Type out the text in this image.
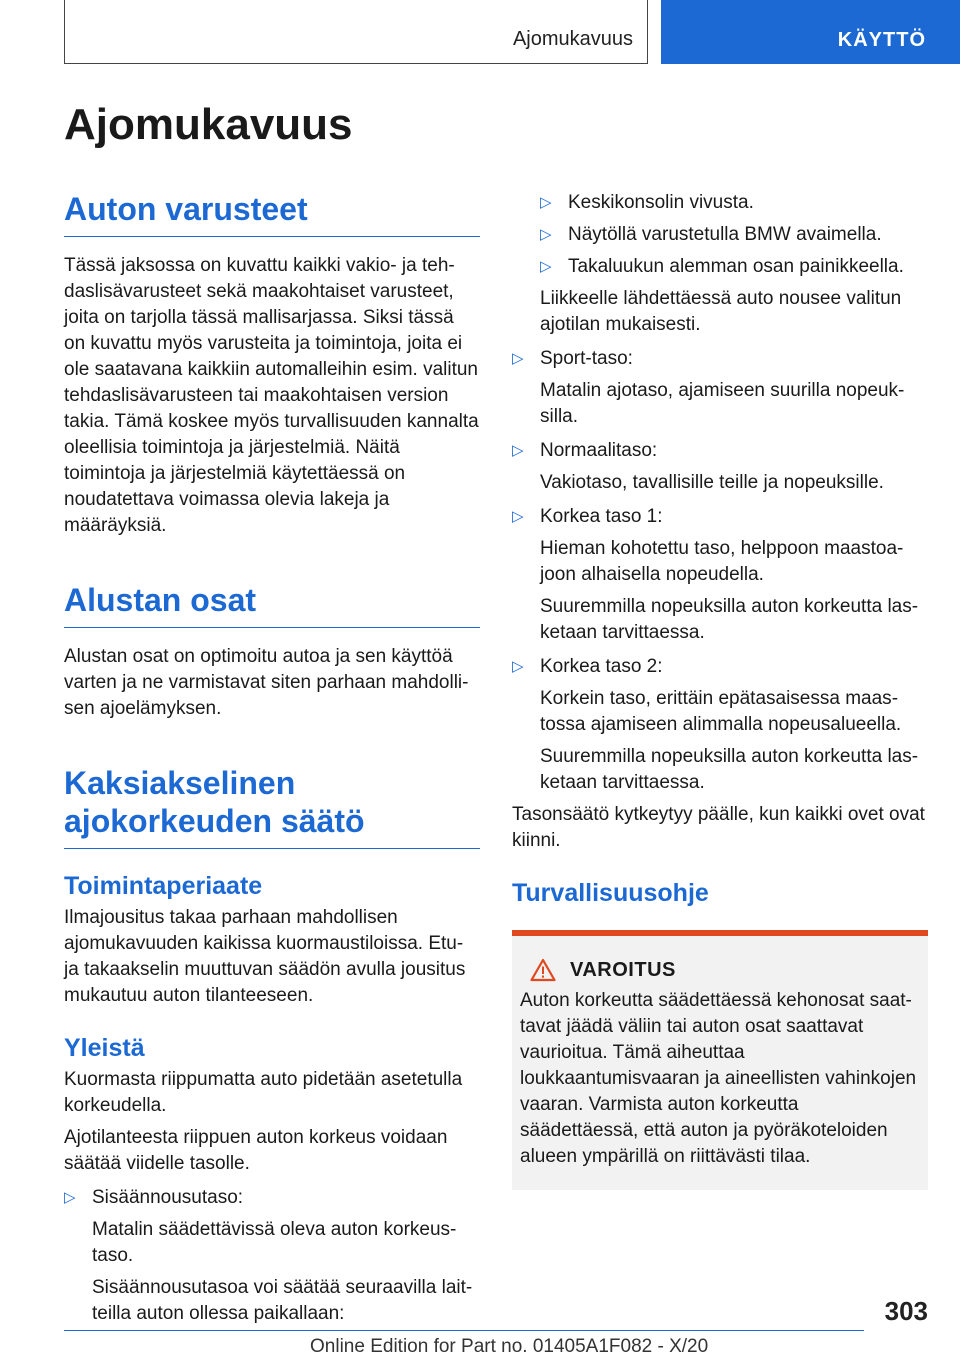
Ajomukavuus	KÄYTTÖ
Ajomukavuus
Auton varusteet

Tässä jaksossa on kuvattu kaikki vakio- ja tehdaslisävarusteet sekä maakohtaiset varusteet, joita on tarjolla tässä mallisarjassa. Siksi tässä on kuvattu myös varusteita ja toimintoja, joita ei ole saatavana kaikkiin automalleihin esim. valitun tehdaslisävarusteen tai maakohtaisen version takia. Tämä koskee myös turvallisuuden kannalta oleellisia toimintoja ja järjestelmiä. Näitä toimintoja ja järjestelmiä käytettäessä on noudatettava voimassa olevia lakeja ja määräyksiä.

Alustan osat

Alustan osat on optimoitu autoa ja sen käyttöä varten ja ne varmistavat siten parhaan mahdollisen ajoelämyksen.

Kaksiakselinen ajokorkeuden säätö
Toimintaperiaate

Ilmajousitus takaa parhaan mahdollisen ajomukavuuden kaikissa kuormaustiloissa. Etu- ja takaakselin muuttuvan säädön avulla jousitus mukautuu auton tilanteeseen.

Yleistä

Kuormasta riippumatta auto pidetään asetetulla korkeudella.

Ajotilanteesta riippuen auton korkeus voidaan säätää viidelle tasolle.

▷ Sisäännousutaso:

Matalin säädettävissä oleva auton korkeustaso.

Sisäännousutasoa voi säätää seuraavilla laitteilla auton ollessa paikallaan:

▷ Keskikonsolin vivusta.
▷ Näytöllä varustetulla BMW avaimella.
▷ Takaluukun alemman osan painikkeella.

Liikkeelle lähdettäessä auto nousee valitun ajotilan mukaisesti.

▷ Sport-taso:

Matalin ajotaso, ajamiseen suurilla nopeuksilla.

▷ Normaalitaso:

Vakiotaso, tavallisille teille ja nopeuksille.

▷ Korkea taso 1:

Hieman kohotettu taso, helppoon maastoajoon alhaisella nopeudella.

Suuremmilla nopeuksilla auton korkeutta lasketaan tarvittaessa.

▷ Korkea taso 2:

Korkein taso, erittäin epätasaisessa maastossa ajamiseen alimmalla nopeusalueella.

Suuremmilla nopeuksilla auton korkeutta lasketaan tarvittaessa.

Tasonsäätö kytkeytyy päälle, kun kaikki ovet ovat kiinni.

Turvallisuusohje
VAROITUS

Auton korkeutta säädettäessä kehonosat saattavat jäädä väliin tai auton osat saattavat vaurioitua. Tämä aiheuttaa loukkaantumisvaaran ja aineellisten vahinkojen vaaran. Varmista auton korkeutta säädettäessä, että auton ja pyöräkoteloiden alueen ympärillä on riittävästi tilaa.

303
Online Edition for Part no. 01405A1F082 - X/20
